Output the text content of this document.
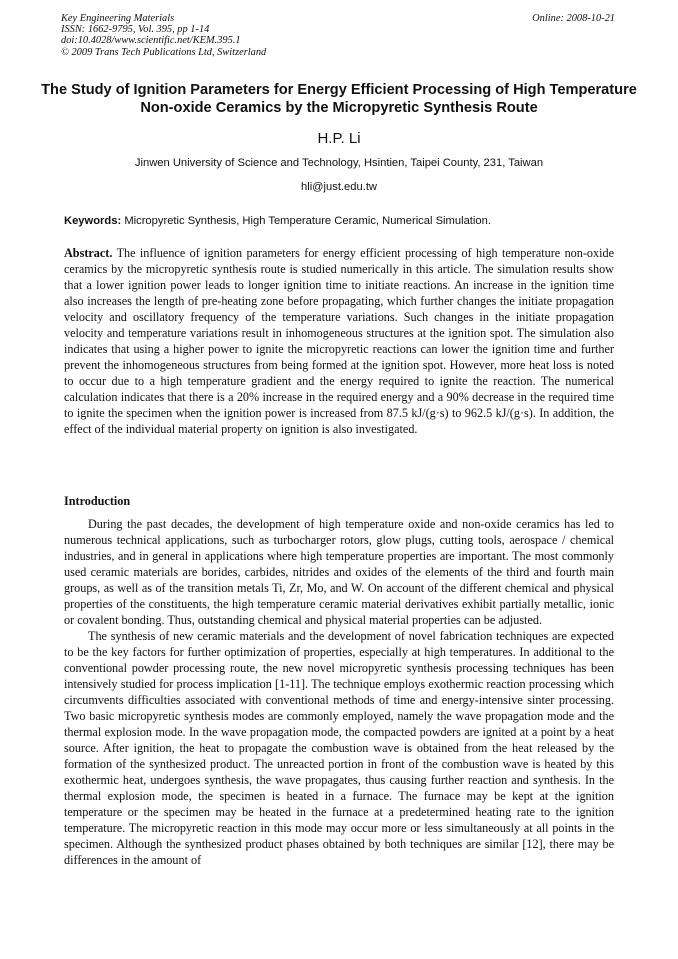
Key Engineering Materials
ISSN: 1662-9795, Vol. 395, pp 1-14
doi:10.4028/www.scientific.net/KEM.395.1
© 2009 Trans Tech Publications Ltd, Switzerland
Online: 2008-10-21
The Study of Ignition Parameters for Energy Efficient Processing of High Temperature Non-oxide Ceramics by the Micropyretic Synthesis Route
H.P. Li
Jinwen University of Science and Technology, Hsintien, Taipei County, 231, Taiwan
hli@just.edu.tw
Keywords: Micropyretic Synthesis, High Temperature Ceramic, Numerical Simulation.
Abstract. The influence of ignition parameters for energy efficient processing of high temperature non-oxide ceramics by the micropyretic synthesis route is studied numerically in this article. The simulation results show that a lower ignition power leads to longer ignition time to initiate reactions. An increase in the ignition time also increases the length of pre-heating zone before propagating, which further changes the initiate propagation velocity and oscillatory frequency of the temperature variations. Such changes in the initiate propagation velocity and temperature variations result in inhomogeneous structures at the ignition spot. The simulation also indicates that using a higher power to ignite the micropyretic reactions can lower the ignition time and further prevent the inhomogeneous structures from being formed at the ignition spot. However, more heat loss is noted to occur due to a high temperature gradient and the energy required to ignite the reaction. The numerical calculation indicates that there is a 20% increase in the required energy and a 90% decrease in the required time to ignite the specimen when the ignition power is increased from 87.5 kJ/(g·s) to 962.5 kJ/(g·s). In addition, the effect of the individual material property on ignition is also investigated.
Introduction

During the past decades, the development of high temperature oxide and non-oxide ceramics has led to numerous technical applications, such as turbocharger rotors, glow plugs, cutting tools, aerospace / chemical industries, and in general in applications where high temperature properties are important. The most commonly used ceramic materials are borides, carbides, nitrides and oxides of the elements of the third and fourth main groups, as well as of the transition metals Ti, Zr, Mo, and W. On account of the different chemical and physical properties of the constituents, the high temperature ceramic material derivatives exhibit partially metallic, ionic or covalent bonding. Thus, outstanding chemical and physical material properties can be adjusted.

The synthesis of new ceramic materials and the development of novel fabrication techniques are expected to be the key factors for further optimization of properties, especially at high temperatures. In additional to the conventional powder processing route, the new novel micropyretic synthesis processing techniques has been intensively studied for process implication [1-11]. The technique employs exothermic reaction processing which circumvents difficulties associated with conventional methods of time and energy-intensive sinter processing. Two basic micropyretic synthesis modes are commonly employed, namely the wave propagation mode and the thermal explosion mode. In the wave propagation mode, the compacted powders are ignited at a point by a heat source. After ignition, the heat to propagate the combustion wave is obtained from the heat released by the formation of the synthesized product. The unreacted portion in front of the combustion wave is heated by this exothermic heat, undergoes synthesis, the wave propagates, thus causing further reaction and synthesis. In the thermal explosion mode, the specimen is heated in a furnace. The furnace may be kept at the ignition temperature or the specimen may be heated in the furnace at a predetermined heating rate to the ignition temperature. The micropyretic reaction in this mode may occur more or less simultaneously at all points in the specimen. Although the synthesized product phases obtained by both techniques are similar [12], there may be differences in the amount of
